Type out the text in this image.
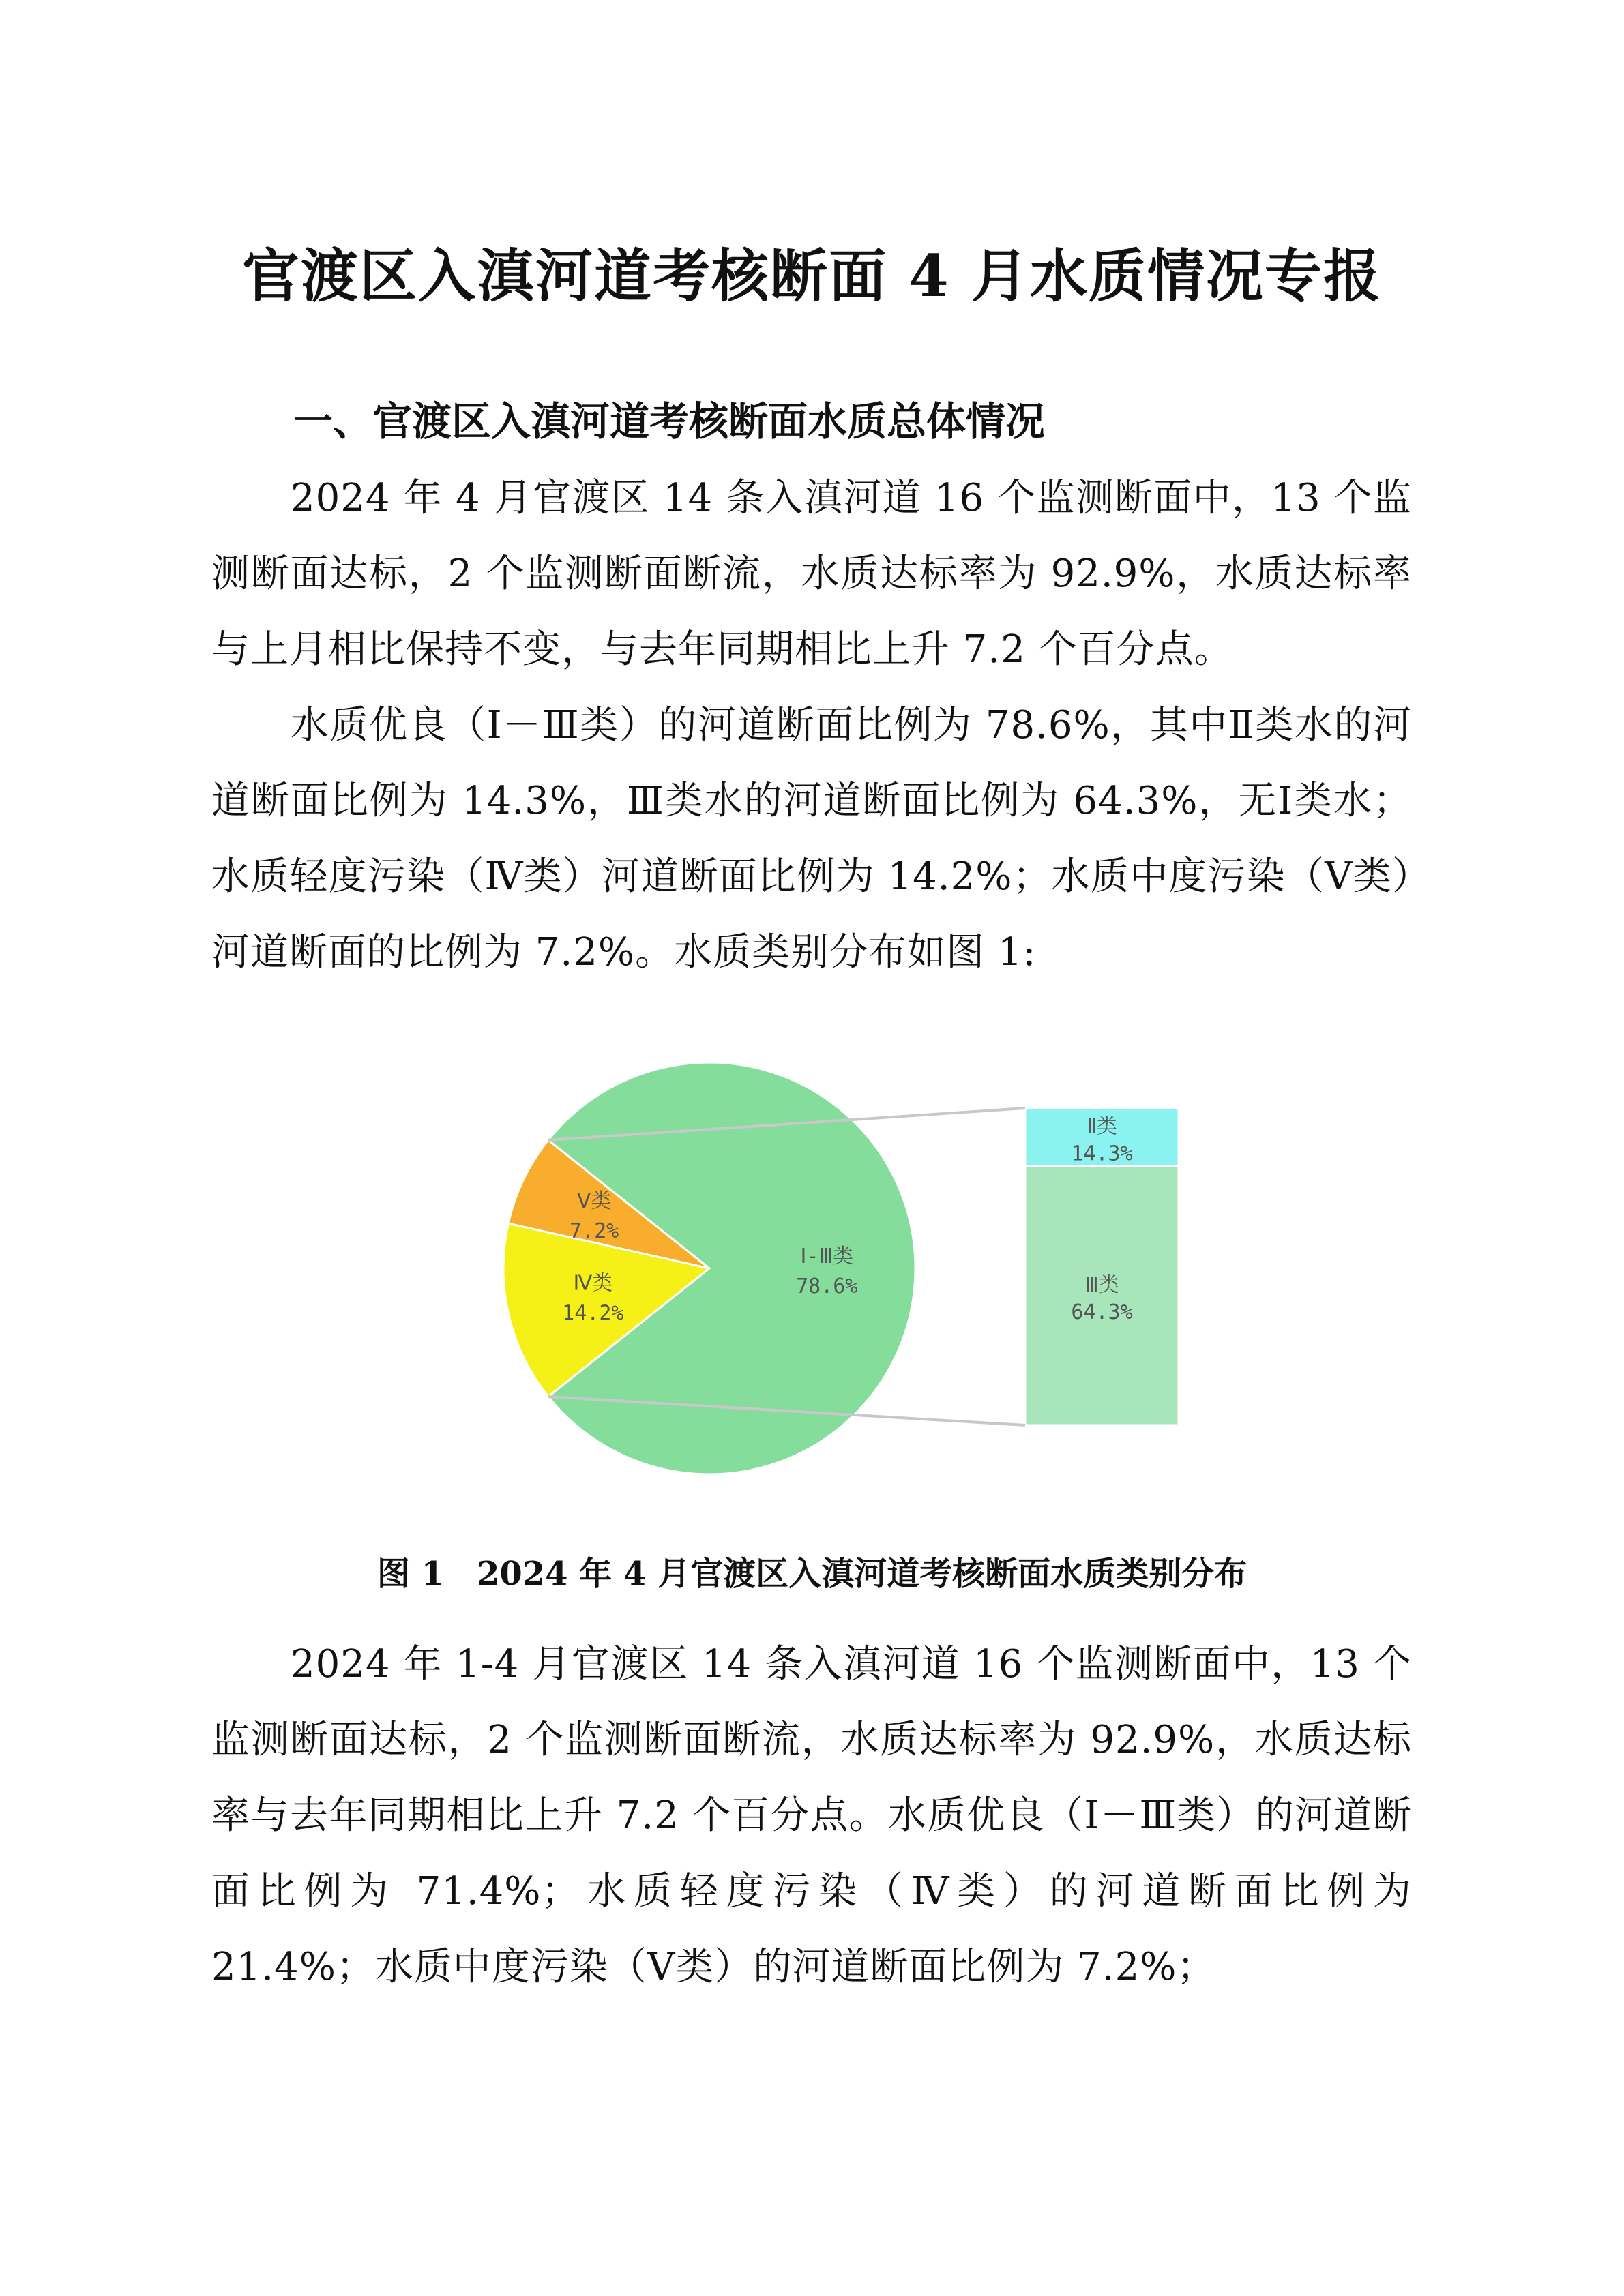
官渡区入滇河道考核断面 4 月水质情况专报
一、官渡区入滇河道考核断面水质总体情况

2024 年 4 月官渡区 14 条入滇河道 16 个监测断面中，13 个监测断面达标，2 个监测断面断流，水质达标率为 92.9%，水质达标率与上月相比保持不变，与去年同期相比上升 7.2 个百分点。

水质优良（Ⅰ－Ⅲ类）的河道断面比例为 78.6%，其中Ⅱ类水的河道断面比例为 14.3%，Ⅲ类水的河道断面比例为 64.3%，无Ⅰ类水；水质轻度污染（Ⅳ类）河道断面比例为 14.2%；水质中度污染（Ⅴ类）河道断面的比例为 7.2%。水质类别分布如图 1:

Ⅰ-Ⅲ类
78.6%
Ⅳ类
14.2%
Ⅴ类
7.2%
Ⅱ类
14.3%
Ⅲ类
64.3%

图 1　2024 年 4 月官渡区入滇河道考核断面水质类别分布

2024 年 1-4 月官渡区 14 条入滇河道 16 个监测断面中，13 个监测断面达标，2 个监测断面断流，水质达标率为 92.9%，水质达标率与去年同期相比上升 7.2 个百分点。水质优良（Ⅰ－Ⅲ类）的河道断面比例为 71.4%；水质轻度污染（Ⅳ类）的河道断面比例为 21.4%；水质中度污染（Ⅴ类）的河道断面比例为 7.2%；
